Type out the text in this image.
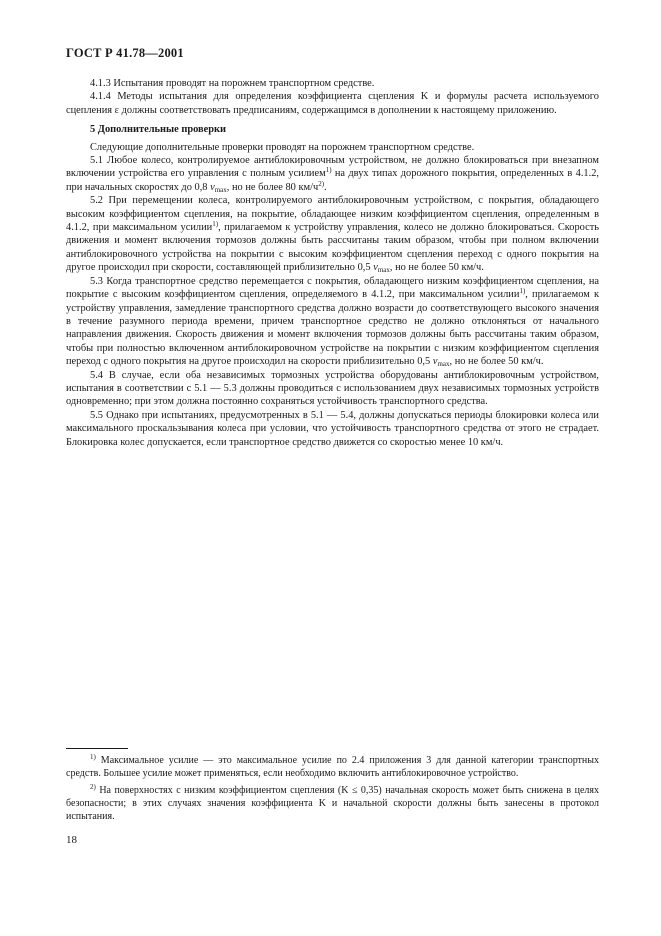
ГОСТ Р 41.78—2001

4.1.3 Испытания проводят на порожнем транспортном средстве.

4.1.4 Методы испытания для определения коэффициента сцепления K и формулы расчета используемого сцепления ε должны соответствовать предписаниям, содержащимся в дополнении к настоящему приложению.

5 Дополнительные проверки

Следующие дополнительные проверки проводят на порожнем транспортном средстве.

5.1 Любое колесо, контролируемое антиблокировочным устройством, не должно блокироваться при внезапном включении устройства его управления с полным усилием$^{1)}$ на двух типах дорожного покрытия, определенных в 4.1.2, при начальных скоростях до 0,8 $v_{max}$, но не более 80 $км/ч^{2)}$.

5.2 При перемещении колеса, контролируемого антиблокировочным устройством, с покрытия, обладающего высоким коэффициентом сцепления, на покрытие, обладающее низким коэффициентом сцепления, определенным в 4.1.2, при максимальном усилии$^{1)}$, прилагаемом к устройству управления, колесо не должно блокироваться. Скорость движения и момент включения тормозов должны быть рассчитаны таким образом, чтобы при полном включении антиблокировочного устройства на покрытии с высоким коэффициентом сцепления переход с одного покрытия на другое происходил при скорости, составляющей приблизительно 0,5 $v_{max}$, но не более 50 км/ч.

5.3 Когда транспортное средство перемещается с покрытия, обладающего низким коэффициентом сцепления, на покрытие с высоким коэффициентом сцепления, определяемого в 4.1.2, при максимальном усилии$^{1)}$, прилагаемом к устройству управления, замедление транспортного средства должно возрасти до соответствующего высокого значения в течение разумного периода времени, причем транспортное средство не должно отклоняться от начального направления движения. Скорость движения и момент включения тормозов должны быть рассчитаны таким образом, чтобы при полностью включенном антиблокировочном устройстве на покрытии с низким коэффициентом сцепления переход с одного покрытия на другое происходил на скорости приблизительно 0,5 $v_{max}$, но не более 50 км/ч.

5.4 В случае, если оба независимых тормозных устройства оборудованы антиблокировочным устройством, испытания в соответствии с 5.1 — 5.3 должны проводиться с использованием двух независимых тормозных устройств одновременно; при этом должна постоянно сохраняться устойчивость транспортного средства.

5.5 Однако при испытаниях, предусмотренных в 5.1 — 5.4, должны допускаться периоды блокировки колеса или максимального проскальзывания колеса при условии, что устойчивость транспортного средства от этого не страдает. Блокировка колес допускается, если транспортное средство движется со скоростью менее 10 км/ч.

$^{1)}$ Максимальное усилие — это максимальное усилие по 2.4 приложения 3 для данной категории транспортных средств. Большее усилие может применяться, если необходимо включить антиблокировочное устройство.

$^{2)}$ На поверхностях с низким коэффициентом сцепления (K ≤ 0,35) начальная скорость может быть снижена в целях безопасности; в этих случаях значения коэффициента K и начальной скорости должны быть занесены в протокол испытания.

18
